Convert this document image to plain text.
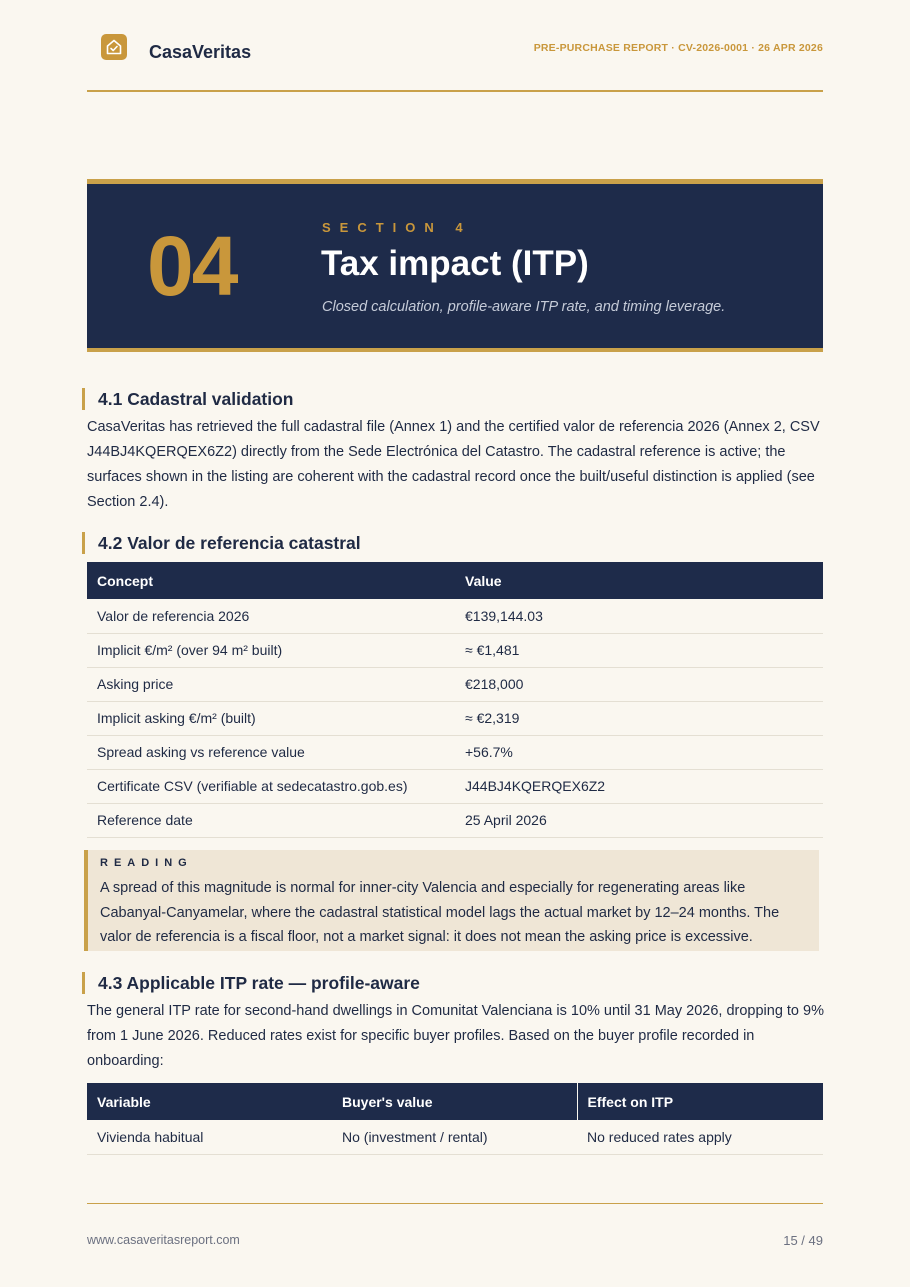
CasaVeritas	PRE-PURCHASE REPORT · CV-2026-0001 · 26 APR 2026
04	SECTION 4
Tax impact (ITP)
Closed calculation, profile-aware ITP rate, and timing leverage.
4.1 Cadastral validation
CasaVeritas has retrieved the full cadastral file (Annex 1) and the certified valor de referencia 2026 (Annex 2, CSV J44BJ4KQERQEX6Z2) directly from the Sede Electrónica del Catastro. The cadastral reference is active; the surfaces shown in the listing are coherent with the cadastral record once the built/useful distinction is applied (see Section 2.4).
4.2 Valor de referencia catastral
Concept	Value
Valor de referencia 2026	€139,144.03
Implicit €/m² (over 94 m² built)	≈ €1,481
Asking price	€218,000
Implicit asking €/m² (built)	≈ €2,319
Spread asking vs reference value	+56.7%
Certificate CSV (verifiable at sedecatastro.gob.es)	J44BJ4KQERQEX6Z2
Reference date	25 April 2026
READING
A spread of this magnitude is normal for inner-city Valencia and especially for regenerating areas like Cabanyal-Canyamelar, where the cadastral statistical model lags the actual market by 12–24 months. The valor de referencia is a fiscal floor, not a market signal: it does not mean the asking price is excessive.
4.3 Applicable ITP rate — profile-aware
The general ITP rate for second-hand dwellings in Comunitat Valenciana is 10% until 31 May 2026, dropping to 9% from 1 June 2026. Reduced rates exist for specific buyer profiles. Based on the buyer profile recorded in onboarding:
Variable	Buyer's value	Effect on ITP
Vivienda habitual	No (investment / rental)	No reduced rates apply
www.casaveritasreport.com	15 / 49
